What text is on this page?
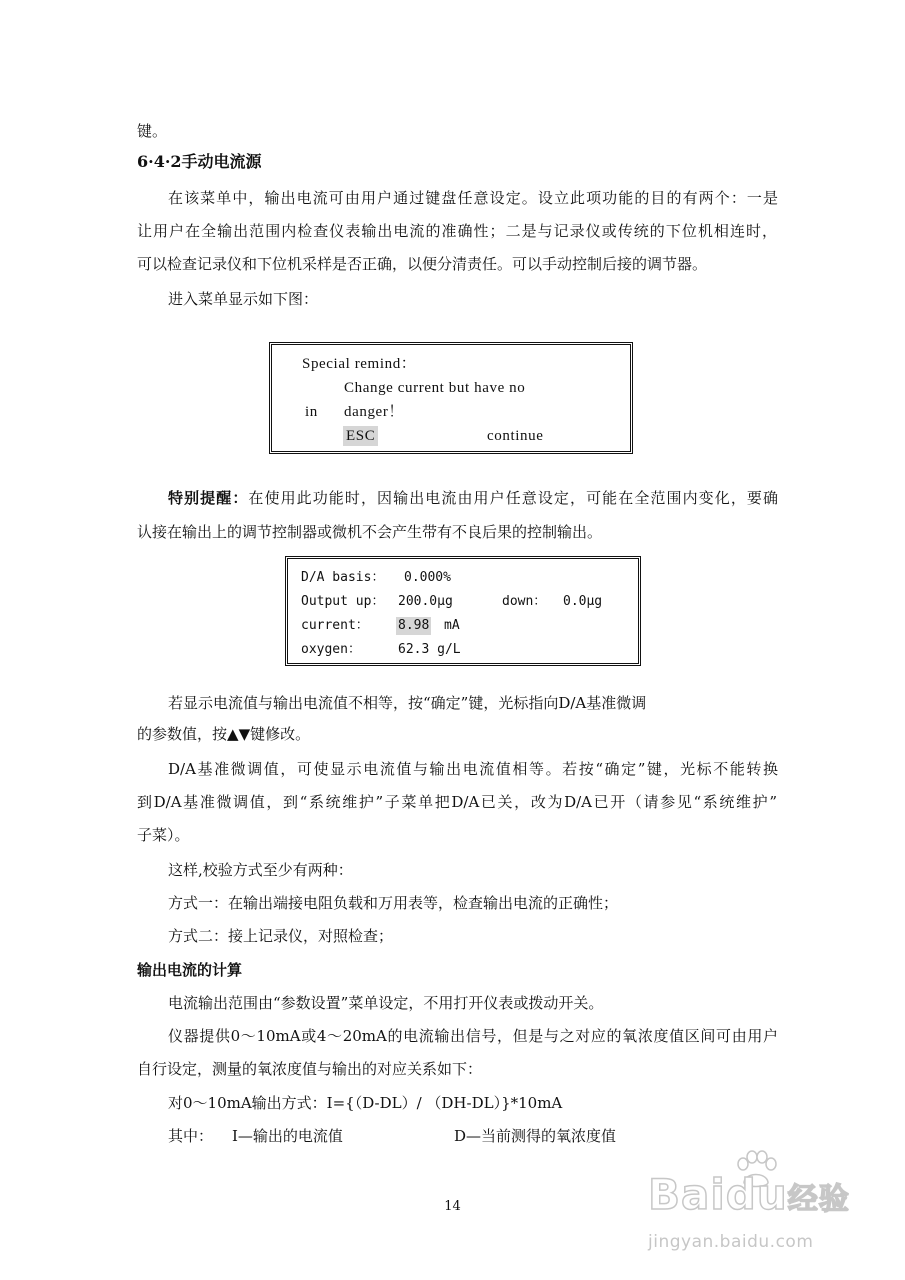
键。
6·4·2手动电流源
在该菜单中，输出电流可由用户通过键盘任意设定。设立此项功能的目的有两个：一是
让用户在全输出范围内检查仪表输出电流的准确性；二是与记录仪或传统的下位机相连时，
可以检查记录仪和下位机采样是否正确，以便分清责任。可以手动控制后接的调节器。
进入菜单显示如下图：
Special remind：
Change current but have no
in danger！
ESC	continue
特别提醒：在使用此功能时，因输出电流由用户任意设定，可能在全范围内变化，要确
认接在输出上的调节控制器或微机不会产生带有不良后果的控制输出。
D/A basis： 0.000%
Output up： 200.0μg	down： 0.0μg
current： 8.98 mA
oxygen：	62.3 g/L
若显示电流值与输出电流值不相等，按“确定”键，光标指向D/A基准微调
的参数值，按▲▼键修改。
D/A基准微调值，可使显示电流值与输出电流值相等。若按“确定”键，光标不能转换
到D/A基准微调值，到“系统维护”子菜单把D/A已关，改为D/A已开（请参见“系统维护”
子菜）。
这样,校验方式至少有两种：
方式一：在输出端接电阻负载和万用表等，检查输出电流的正确性；
方式二：接上记录仪，对照检查；
输出电流的计算
电流输出范围由“参数设置”菜单设定，不用打开仪表或拨动开关。
仪器提供0～10mA或4～20mA的电流输出信号，但是与之对应的氧浓度值区间可由用户
自行设定，测量的氧浓度值与输出的对应关系如下：
对0～10mA输出方式：I={（D-DL）/ （DH-DL）}*10mA
其中： I—输出的电流值	D—当前测得的氧浓度值
14	Baidu经验
jingyan.baidu.com
